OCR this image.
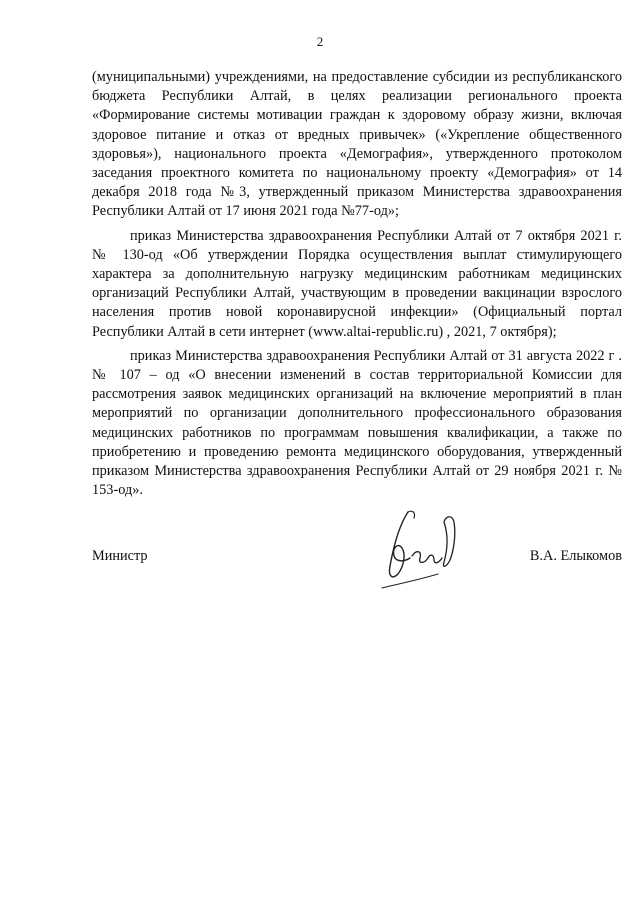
2

(муниципальными) учреждениями, на предоставление субсидии из республиканского бюджета Республики Алтай, в целях реализации регионального проекта «Формирование системы мотивации граждан к здоровому образу жизни, включая здоровое питание и отказ от вредных привычек» («Укрепление общественного здоровья»), национального проекта «Демография», утвержденного протоколом заседания проектного комитета по национальному проекту «Демография» от 14 декабря 2018 года №3, утвержденный приказом Министерства здравоохранения Республики Алтай от 17 июня 2021 года №77-од»;

приказ Министерства здравоохранения Республики Алтай от 7 октября 2021 г. № 130-од «Об утверждении Порядка осуществления выплат стимулирующего характера за дополнительную нагрузку медицинским работникам медицинских организаций Республики Алтай, участвующим в проведении вакцинации взрослого населения против новой коронавирусной инфекции» (Официальный портал Республики Алтай в сети интернет (www.altai-republic.ru) , 2021, 7 октября);

приказ Министерства здравоохранения Республики Алтай от 31 августа 2022 г .№ 107 – од «О внесении изменений в состав территориальной Комиссии для рассмотрения заявок медицинских организаций на включение мероприятий в план мероприятий по организации дополнительного профессионального образования медицинских работников по программам повышения квалификации, а также по приобретению и проведению ремонта медицинского оборудования, утвержденный приказом Министерства здравоохранения Республики Алтай от 29 ноября 2021 г. № 153-од».

Министр	В.А. Елыкомов
